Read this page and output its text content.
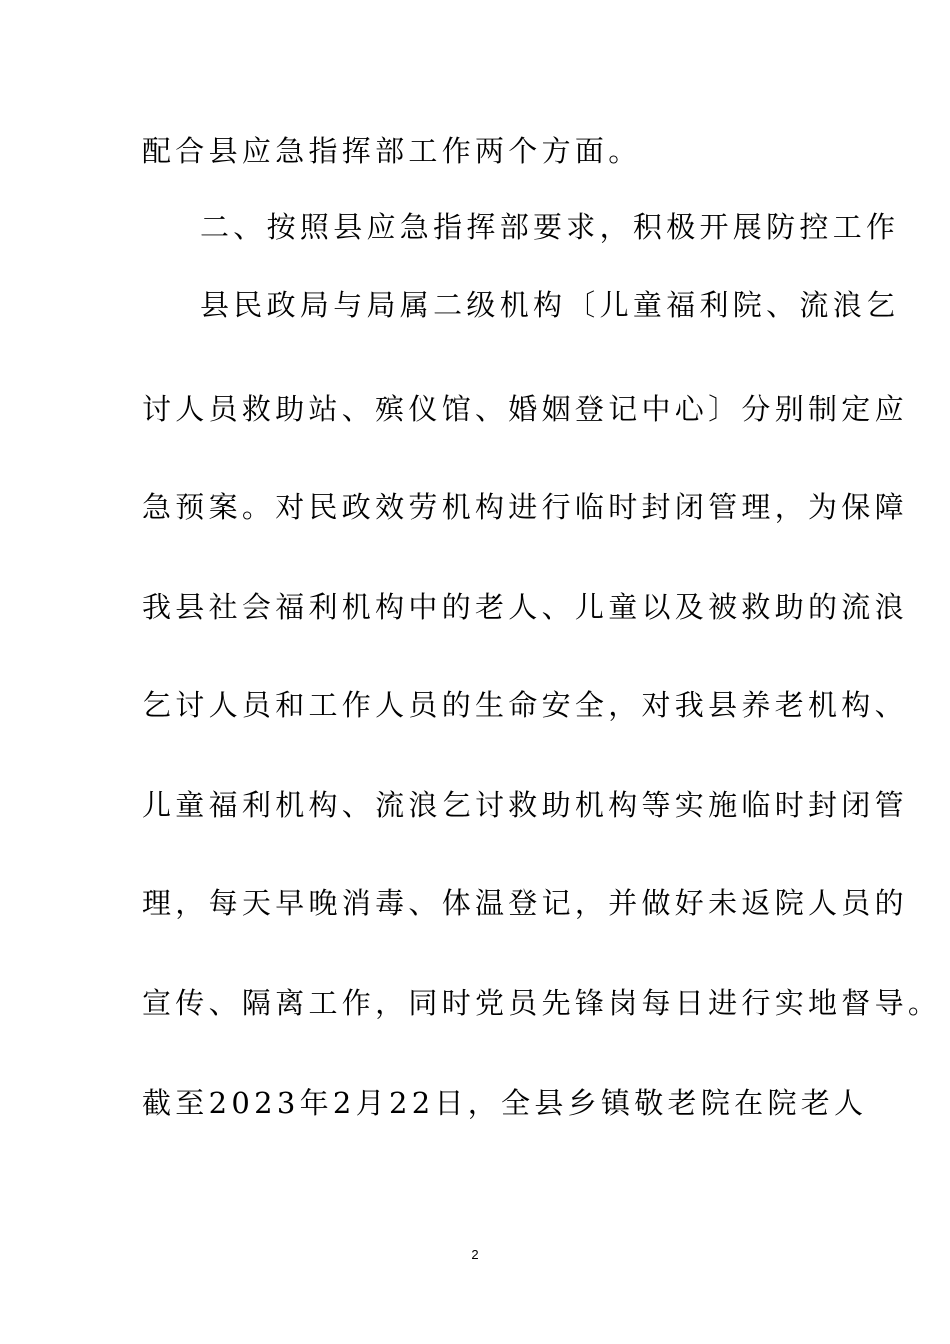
配合县应急指挥部工作两个方面。
二、按照县应急指挥部要求，积极开展防控工作
县民政局与局属二级机构〔儿童福利院、流浪乞
讨人员救助站、殡仪馆、婚姻登记中心〕分别制定应
急预案。对民政效劳机构进行临时封闭管理，为保障
我县社会福利机构中的老人、儿童以及被救助的流浪
乞讨人员和工作人员的生命安全，对我县养老机构、
儿童福利机构、流浪乞讨救助机构等实施临时封闭管
理，每天早晚消毒、体温登记，并做好未返院人员的
宣传、隔离工作，同时党员先锋岗每日进行实地督导。
截至2023年2月22日，全县乡镇敬老院在院老人
2
